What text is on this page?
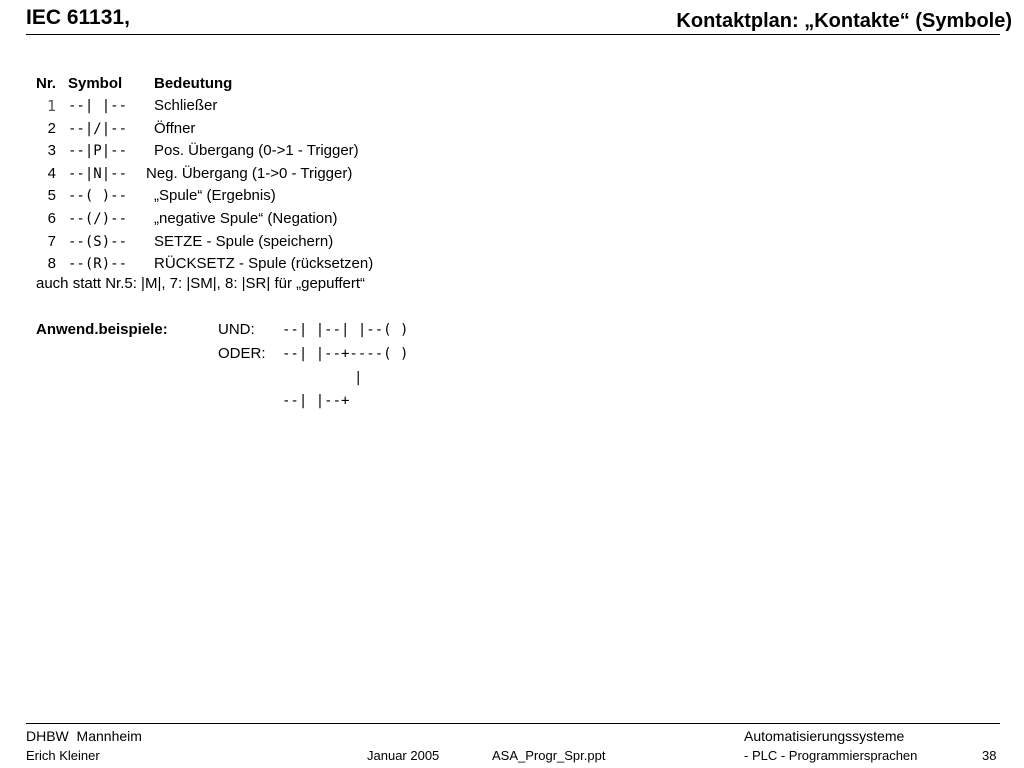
IEC 61131,	Kontaktplan: „Kontakte“ (Symbole)
Nr. Symbol Bedeutung
1 --| |-- Schließer
2 --|/|-- Öffner
3 --|P|-- Pos. Übergang (0->1 - Trigger)
4 --|N|-- Neg. Übergang (1->0 - Trigger)
5 --( )-- „Spule“ (Ergebnis)
6 --(/)-- „negative Spule“ (Negation)
7 --(S)-- SETZE - Spule (speichern)
8 --(R)-- RÜCKSETZ - Spule (rücksetzen)
auch statt Nr.5: |M|, 7: |SM|, 8: |SR| für „gepuffert“
Anwend.beispiele:	UND: --| |--| |--( )
ODER: --| |--+----( )
|
--| |--+
DHBW  Mannheim
Erich Kleiner	Januar 2005	ASA_Progr_Spr.ppt
Automatisierungssysteme
- PLC - Programmiersprachen	38
